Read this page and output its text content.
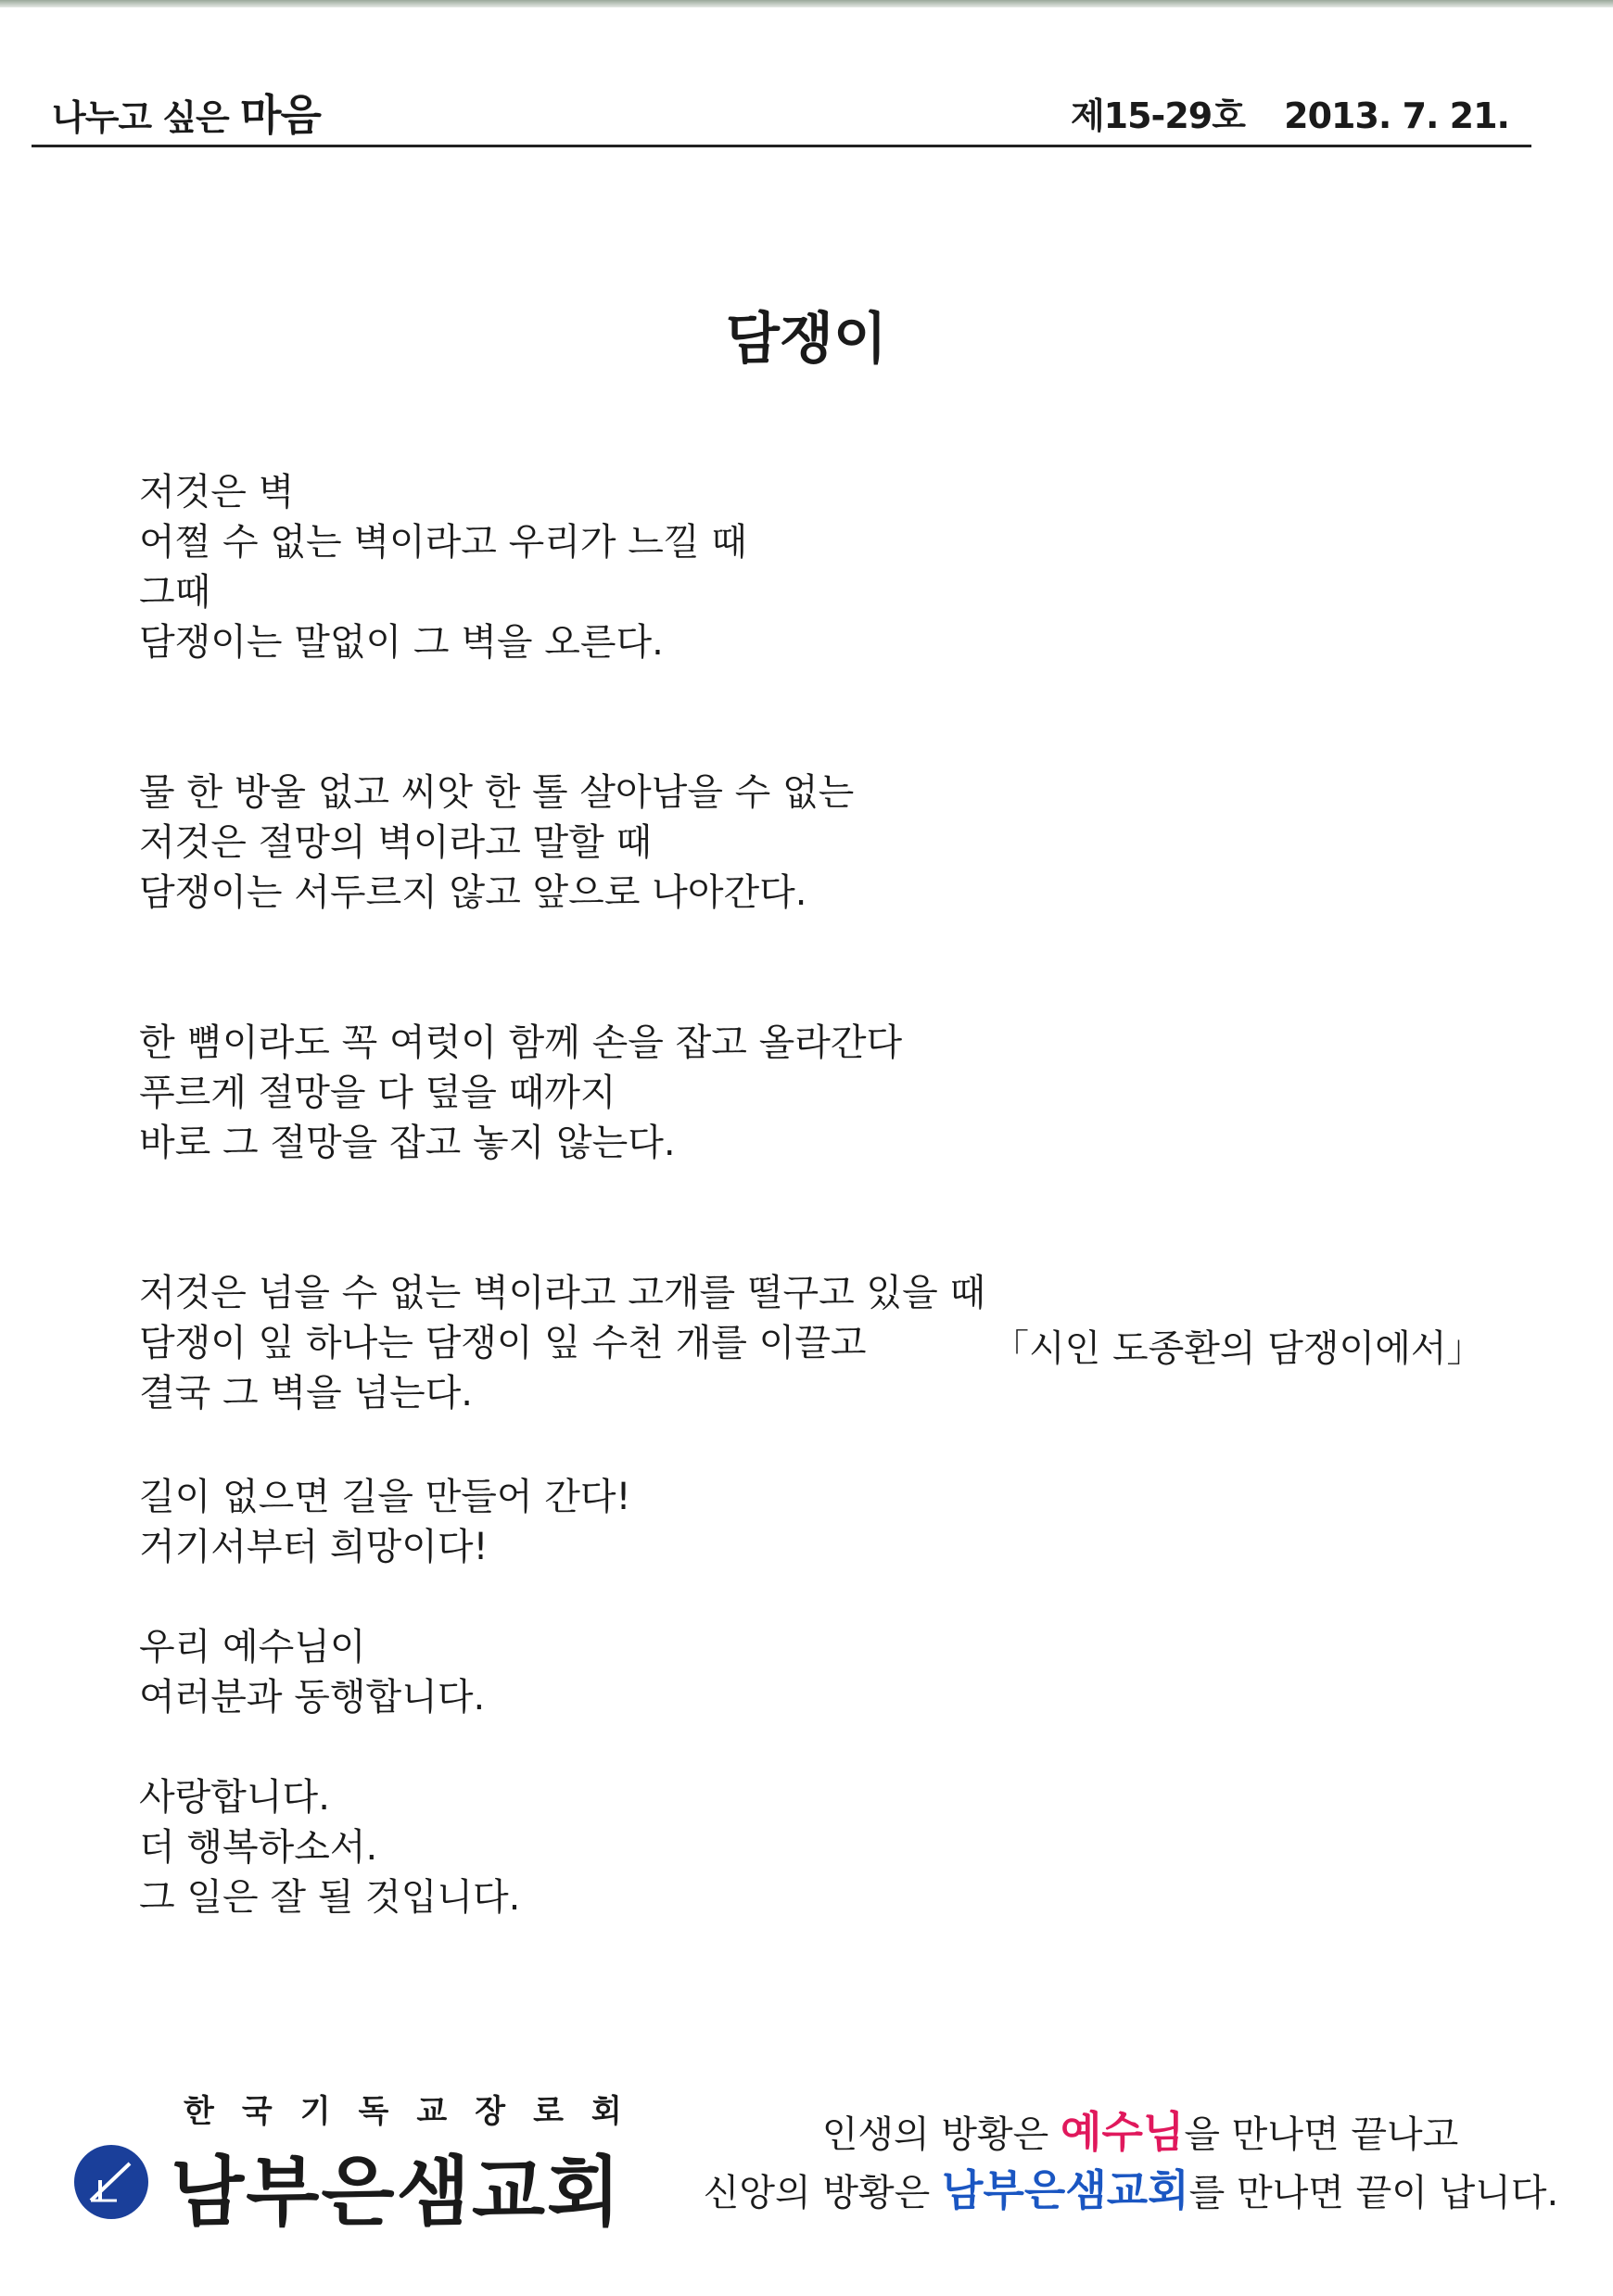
나누고 싶은 마음	제15-29호 2013. 7. 21.
담쟁이
저것은 벽
어쩔 수 없는 벽이라고 우리가 느낄 때
그때
담쟁이는 말없이 그 벽을 오른다.
물 한 방울 없고 씨앗 한 톨 살아남을 수 없는
저것은 절망의 벽이라고 말할 때
담쟁이는 서두르지 않고 앞으로 나아간다.
한 뼘이라도 꼭 여럿이 함께 손을 잡고 올라간다
푸르게 절망을 다 덮을 때까지
바로 그 절망을 잡고 놓지 않는다.
저것은 넘을 수 없는 벽이라고 고개를 떨구고 있을 때
담쟁이 잎 하나는 담쟁이 잎 수천 개를 이끌고
결국 그 벽을 넘는다.
「시인 도종환의 담쟁이에서」
길이 없으면 길을 만들어 간다!
거기서부터 희망이다!
우리 예수님이
여러분과 동행합니다.
사랑합니다.
더 행복하소서.
그 일은 잘 될 것입니다.
한국기독교장로회
남부은샘교회
인생의 방황은 예수님을 만나면 끝나고
신앙의 방황은 남부은샘교회를 만나면 끝이 납니다.
